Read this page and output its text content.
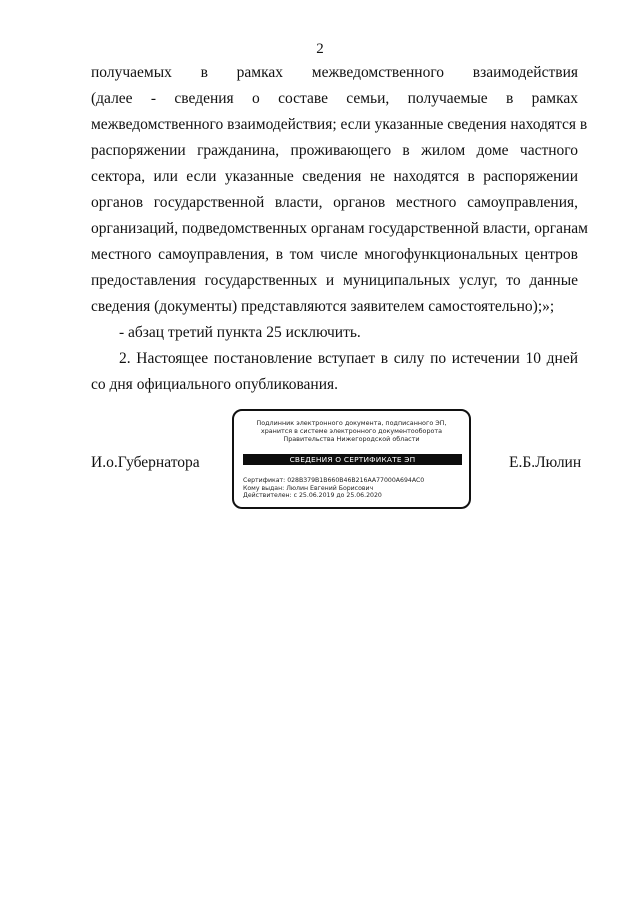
2
получаемых в рамках межведомственного взаимодействия
(далее - сведения о составе семьи, получаемые в рамках
межведомственного взаимодействия; если указанные сведения находятся в
распоряжении гражданина, проживающего в жилом доме частного
сектора, или если указанные сведения не находятся в распоряжении
органов государственной власти, органов местного самоуправления,
организаций, подведомственных органам государственной власти, органам
местного самоуправления, в том числе многофункциональных центров
предоставления государственных и муниципальных услуг, то данные
сведения (документы) представляются заявителем самостоятельно);»;
- абзац третий пункта 25 исключить.
2. Настоящее постановление вступает в силу по истечении 10 дней
со дня официального опубликования.
И.о.Губернатора
Подлинник электронного документа, подписанного ЭП,
хранится в системе электронного документооборота
Правительства Нижегородской области
СВЕДЕНИЯ О СЕРТИФИКАТЕ ЭП
Сертификат: 028B379B1B660B46B216AA77000A694AC0
Кому выдан: Люлин Евгений Борисович
Действителен: с 25.06.2019 до 25.06.2020
Е.Б.Люлин
